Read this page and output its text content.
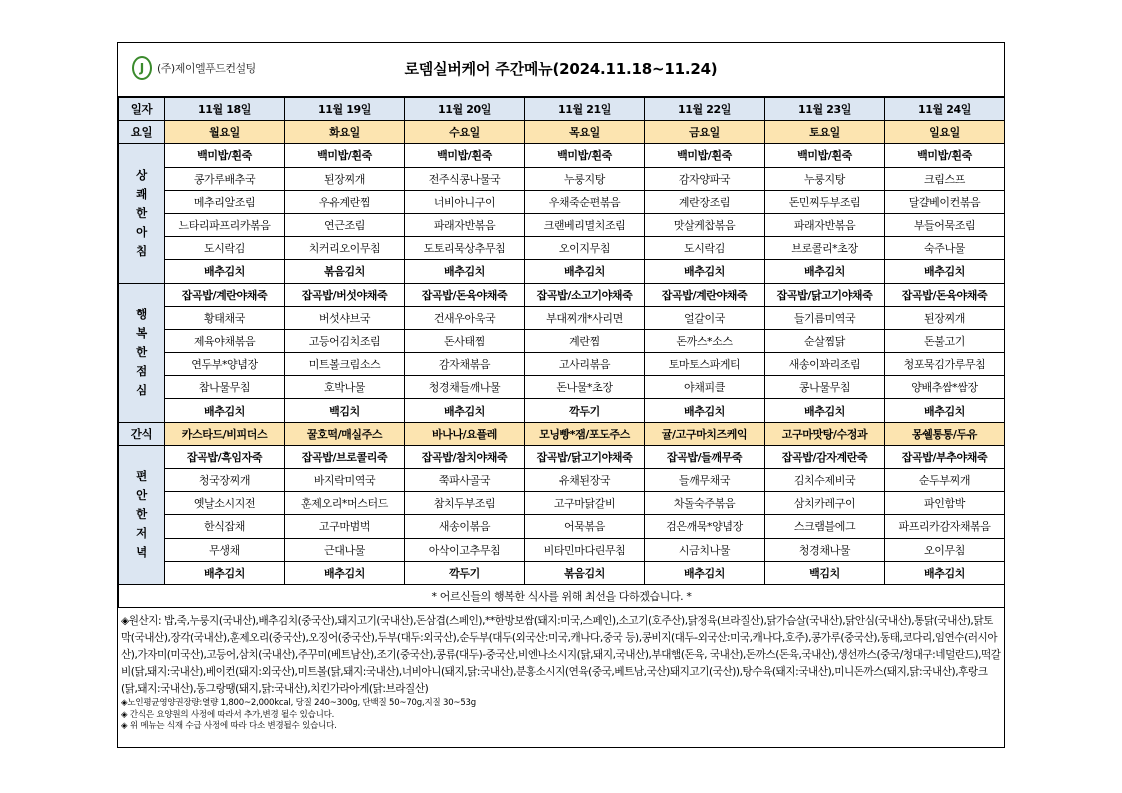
J	(주)제이엘푸드컨설팅	로뎀실버케어 주간메뉴(2024.11.18~11.24)
일자	11월 18일	11월 19일	11월 20일	11월 21일	11월 22일	11월 23일	11월 24일
요일	월요일	화요일	수요일	목요일	금요일	토요일	일요일
상
쾌
한
아
침	백미밥/흰죽	백미밥/흰죽	백미밥/흰죽	백미밥/흰죽	백미밥/흰죽	백미밥/흰죽	백미밥/흰죽
	콩가루배추국	된장찌개	전주식콩나물국	누룽지탕	감자양파국	누룽지탕	크림스프
	메추리알조림	우유계란찜	너비아니구이	우채죽순편볶음	계란장조림	돈민찌두부조림	달걀베이컨볶음
	느타리파프리카볶음	연근조림	파래자반볶음	크랜베리멸치조림	맛살케찹볶음	파래자반볶음	부들어묵조림
	도시락김	치커리오이무침	도토리묵상추무침	오이지무침	도시락김	브로콜리*초장	숙주나물
	배추김치	볶음김치	배추김치	배추김치	배추김치	배추김치	배추김치
행
복
한
점
심	잡곡밥/계란야채죽	잡곡밥/버섯야채죽	잡곡밥/돈육야채죽	잡곡밥/소고기야채죽	잡곡밥/계란야채죽	잡곡밥/닭고기야채죽	잡곡밥/돈육야채죽
	황태채국	버섯샤브국	건새우아욱국	부대찌개*사리면	얼갈이국	들기름미역국	된장찌개
	제육야채볶음	고등어김치조림	돈사태찜	계란찜	돈까스*소스	순살찜닭	돈불고기
	연두부*양념장	미트볼크림소스	감자채볶음	고사리볶음	토마토스파게티	새송이꽈리조림	청포묵김가루무침
	참나물무침	호박나물	청경채들깨나물	돈나물*초장	야채피클	콩나물무침	양배추쌈*쌈장
	배추김치	백김치	배추김치	깍두기	배추김치	배추김치	배추김치
간식	카스타드/비피더스	꿀호떡/매실주스	바나나/요플레	모닝빵*잼/포도주스	귤/고구마치즈케익	고구마맛탕/수정과	몽쉘통통/두유
편
안
한
저
녁	잡곡밥/흑임자죽	잡곡밥/브로콜리죽	잡곡밥/참치야채죽	잡곡밥/닭고기야채죽	잡곡밥/들깨무죽	잡곡밥/감자계란죽	잡곡밥/부추야채죽
	청국장찌개	바지락미역국	쭉파사골국	유채된장국	들깨무채국	김치수제비국	순두부찌개
	옛날소시지전	훈제오리*머스터드	참치두부조림	고구마닭갈비	차돌숙주볶음	삼치카레구이	파인함박
	한식잡채	고구마범벅	새송이볶음	어묵볶음	검은깨묵*양념장	스크램블에그	파프리카감자채볶음
	무생채	근대나물	아삭이고추무침	비타민마다린무침	시금치나물	청경채나물	오이무침
	배추김치	배추김치	깍두기	볶음김치	배추김치	백김치	배추김치
* 어르신들의 행복한 식사를 위해 최선을 다하겠습니다. *							
◈원산지: 밥,죽,누룽지(국내산),배추김치(중국산),돼지고기(국내산),돈삼겹(스페인),**한방보쌈(돼지:미국,스페인),소고기(호주산),닭정육(브라질산),닭가슴살(국내산),닭안심(국내산),통닭(국내산),닭토막(국내산),장각(국내산),훈제오리(중국산),오징어(중국산),두부(대두:외국산),순두부(대두(외국산:미국,캐나다,중국 등),콩비지(대두-외국산:미국,캐나다,호주),콩가루(중국산),동태,코다리,임연수(러시아산),가자미(미국산),고등어,삼치(국내산),주꾸미(베트남산),조기(중국산),콩류(대두)-중국산,비엔나소시지(닭,돼지,국내산),부대햄(돈육, 국내산),돈까스(돈육,국내산),생선까스(중국/청대구:네덜란드),떡갈비(닭,돼지:국내산),베이컨(돼지:외국산),미트볼(닭,돼지:국내산),너비아니(돼지,닭:국내산),분홍소시지(연육(중국,베트남,국산)돼지고기(국산)),탕수육(돼지:국내산),미니돈까스(돼지,닭:국내산),후랑크(닭,돼지:국내산),동그랑땡(돼지,닭:국내산),치킨가라아게(닭:브라질산)
◈노인평균영양권장량:열량 1,800~2,000kcal, 당질 240~300g, 단백질 50~70g,지질 30~53g
◈ 간식은 요양원의 사정에 따라서 추가,변경 될수 있습니다.
◈ 위 메뉴는 식재 수급 사정에 따라 다소 변경될수 있습니다.
